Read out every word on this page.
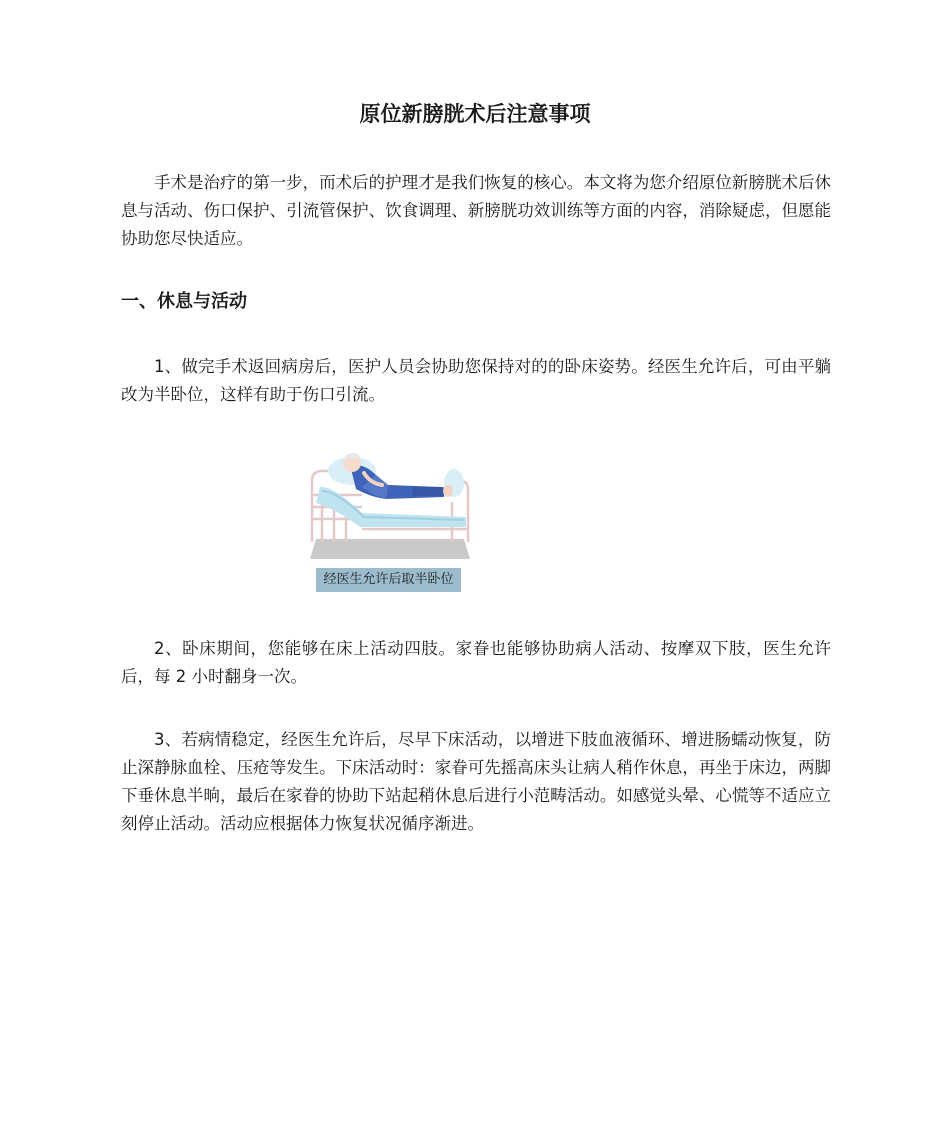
原位新膀胱术后注意事项

手术是治疗的第一步，而术后的护理才是我们恢复的核心。本文将为您介绍原位新膀胱术后休息与活动、伤口保护、引流管保护、饮食调理、新膀胱功效训练等方面的内容，消除疑虑，但愿能协助您尽快适应。

一、休息与活动

1、做完手术返回病房后，医护人员会协助您保持对的的卧床姿势。经医生允许后，可由平躺改为半卧位，这样有助于伤口引流。

经医生允许后取半卧位

2、卧床期间，您能够在床上活动四肢。家眷也能够协助病人活动、按摩双下肢，医生允许后，每 2 小时翻身一次。

3、若病情稳定，经医生允许后，尽早下床活动，以增进下肢血液循环、增进肠蠕动恢复，防止深静脉血栓、压疮等发生。下床活动时：家眷可先摇高床头让病人稍作休息，再坐于床边，两脚下垂休息半晌，最后在家眷的协助下站起稍休息后进行小范畴活动。如感觉头晕、心慌等不适应立刻停止活动。活动应根据体力恢复状况循序渐进。
